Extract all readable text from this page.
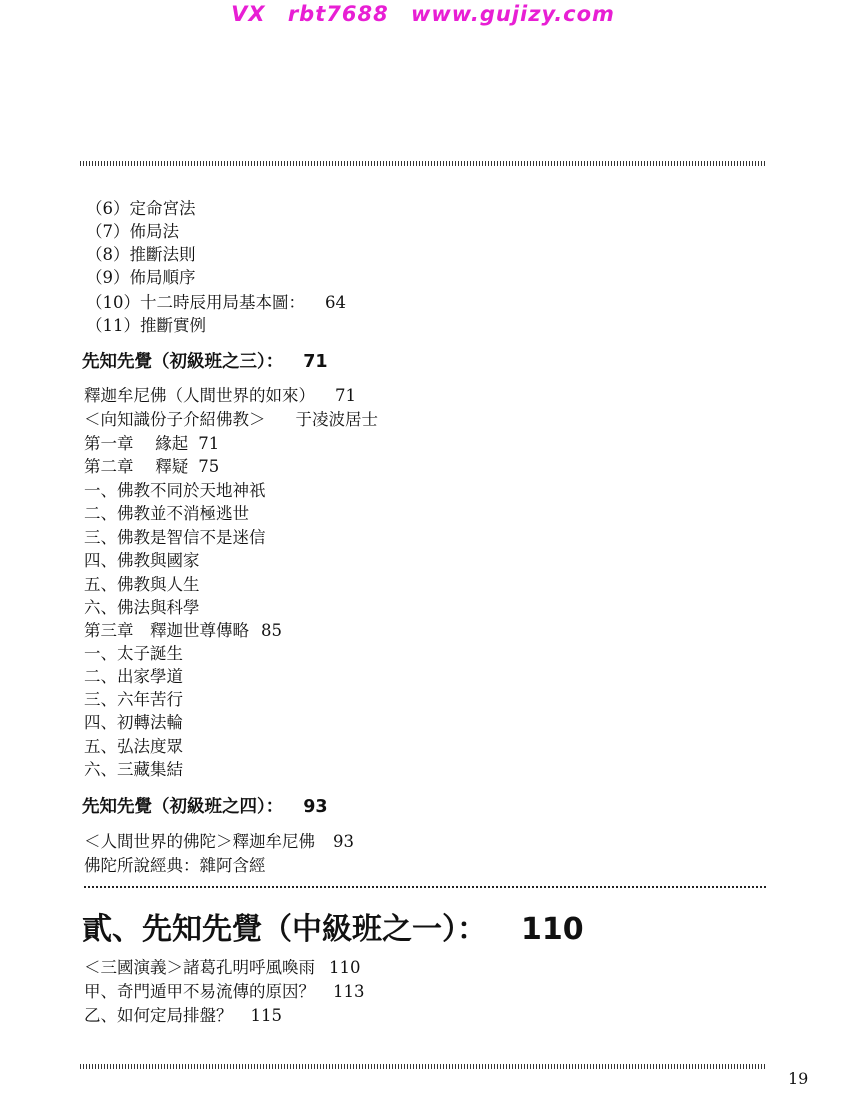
VX rbt7688 www.gujizy.com
（6）定命宮法
（7）佈局法
（8）推斷法則
（9）佈局順序
（10）十二時辰用局基本圖： 64
（11）推斷實例
先知先覺（初級班之三）： 71
釋迦牟尼佛（人間世界的如來） 71
＜向知識份子介紹佛教＞ 于凌波居士
第一章　 緣起 71
第二章　 釋疑 75
一、佛教不同於天地神祇
二、佛教並不消極逃世
三、佛教是智信不是迷信
四、佛教與國家
五、佛教與人生
六、佛法與科學
第三章　釋迦世尊傳略 85
一、太子誕生
二、出家學道
三、六年苦行
四、初轉法輪
五、弘法度眾
六、三藏集結
先知先覺（初級班之四）： 93
＜人間世界的佛陀＞釋迦牟尼佛 93
佛陀所說經典：雜阿含經
貳、先知先覺（中級班之一）： 110
＜三國演義＞諸葛孔明呼風喚雨 110
甲、奇門遁甲不易流傳的原因？ 113
乙、如何定局排盤？ 115
19
